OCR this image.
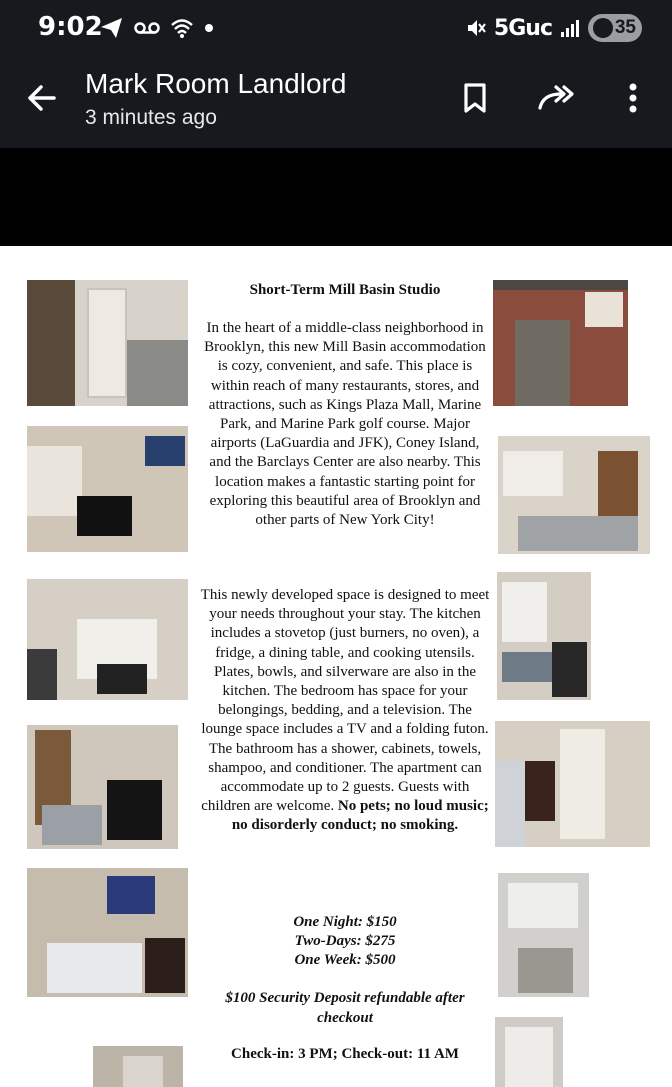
9:02	5Guc	35
Mark Room Landlord
3 minutes ago
Short-Term Mill Basin Studio
In the heart of a middle-class neighborhood in Brooklyn, this new Mill Basin accommodation is cozy, convenient, and safe. This place is within reach of many restaurants, stores, and attractions, such as Kings Plaza Mall, Marine Park, and Marine Park golf course. Major airports (LaGuardia and JFK), Coney Island, and the Barclays Center are also nearby. This location makes a fantastic starting point for exploring this beautiful area of Brooklyn and other parts of New York City!
This newly developed space is designed to meet your needs throughout your stay. The kitchen includes a stovetop (just burners, no oven), a fridge, a dining table, and cooking utensils. Plates, bowls, and silverware are also in the kitchen. The bedroom has space for your belongings, bedding, and a television. The lounge space includes a TV and a folding futon. The bathroom has a shower, cabinets, towels, shampoo, and conditioner. The apartment can accommodate up to 2 guests. Guests with children are welcome. No pets; no loud music; no disorderly conduct; no smoking.
One Night: $150
Two-Days: $275
One Week: $500
$100 Security Deposit refundable after checkout
Check-in: 3 PM; Check-out: 11 AM
